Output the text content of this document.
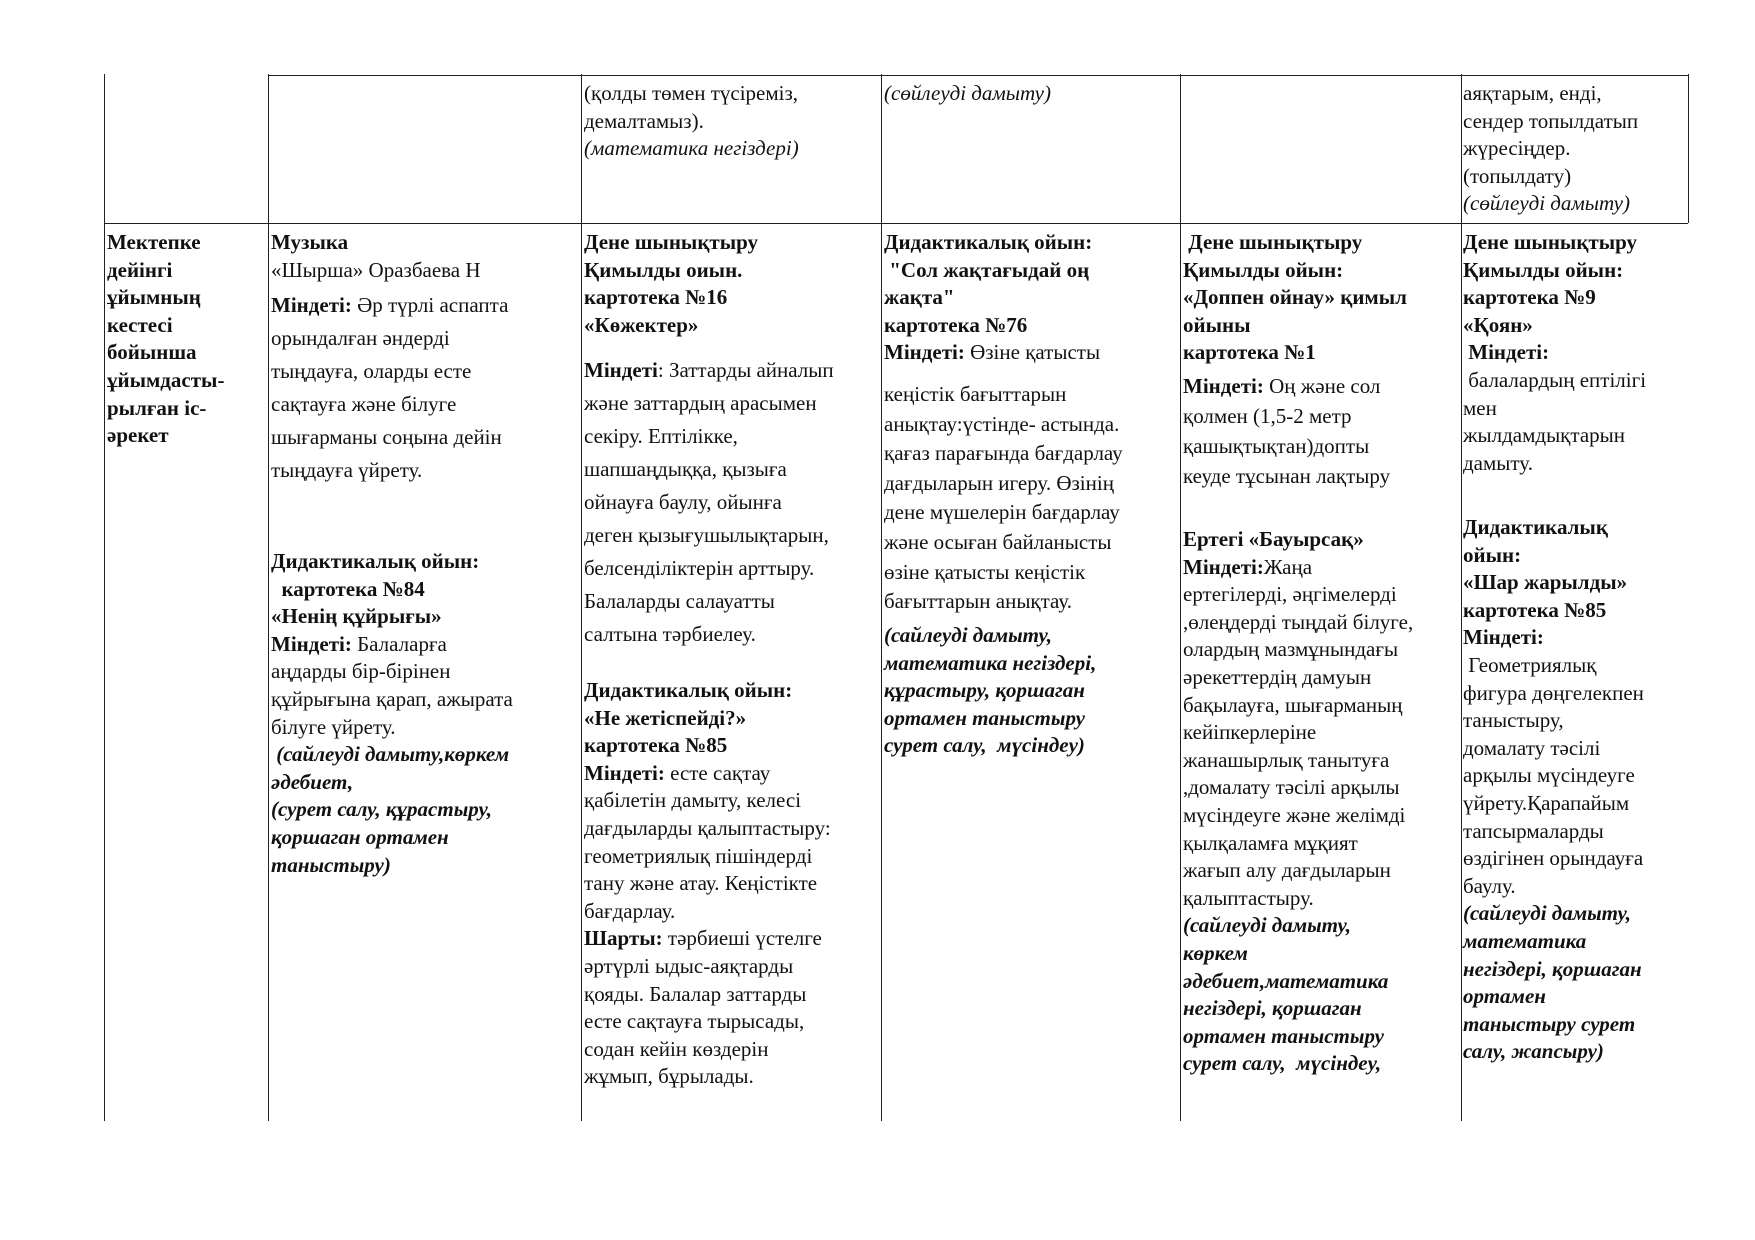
(қолды төмен түсіреміз,
демалтамыз).
(математика негіздері)
(сөйлеуді дамыту)	аяқтарым, енді,
сендер топылдатып
жүресіңдер.
(топылдату)
(сөйлеуді дамыту)
Мектепке
дейінгі
ұйымның
кестесі
бойынша
ұйымдасты-
рылған іс-
әрекет
Музыка
«Шырша» Оразбаева Н
Міндеті: Әр түрлі аспапта
орындалған әндерді
тыңдауға, оларды есте
сақтауға және білуге
шығарманы соңына дейін
тыңдауға үйрету.
Дидактикалық ойын:
картотека №84
«Ненің құйрығы»
Міндеті: Балаларға
аңдарды бір-бірінен
құйрығына қарап, ажырата
білуге үйрету.
(сайлеуді дамыту,көркем
әдебиет,
(сурет салу, құрастыру,
қоршаган ортамен
таныстыру)
Дене шынықтыру
Қимылды оиын.
картотека №16
«Көжектер»
Міндеті: Заттарды айналып
және заттардың арасымен
секіру. Ептілікке,
шапшаңдыққа, қызыға
ойнауға баулу, ойынға
деген қызығушылықтарын,
белсенділіктерін арттыру.
Балаларды салауатты
салтына тәрбиелеу.
Дидактикалық ойын:
«Не жетіспейді?»
картотека №85
Міндеті: есте сақтау
қабілетін дамыту, келесі
дағдыларды қалыптастыру:
геометриялық пішіндерді
тану және атау. Кеңістікте
бағдарлау.
Шарты: тәрбиеші үстелге
әртүрлі ыдыс-аяқтарды
қояды. Балалар заттарды
есте сақтауға тырысады,
содан кейін көздерін
жұмып, бұрылады.
Дидактикалық ойын:
"Сол жақтағыдай оң
жақта"
картотека №76
Міндеті: Өзіне қатысты
кеңістік бағыттарын
анықтау:үстінде- астында.
қағаз парағында бағдарлау
дағдыларын игеру. Өзінің
дене мүшелерін бағдарлау
және осыған байланысты
өзіне қатысты кеңістік
бағыттарын анықтау.
(сайлеуді дамыту,
математика негіздері,
құрастыру, қоршаган
ортамен таныстыру
сурет салу,  мүсіндеу)
Дене шынықтыру
Қимылды ойын:
«Доппен ойнау» қимыл
ойыны
картотека №1
Міндеті: Оң және сол
қолмен (1,5-2 метр
қашықтықтан)допты
кеуде тұсынан лақтыру
Ертегі «Бауырсақ»
Міндеті:Жаңа
ертегілерді, әңгімелерді
,өлеңдерді тыңдай білуге,
олардың мазмұнындағы
әрекеттердің дамуын
бақылауға, шығарманың
кейіпкерлеріне
жанашырлық танытуға
,домалату тәсілі арқылы
мүсіндеуге және желімді
қылқаламға мұқият
жағып алу дағдыларын
қалыптастыру.
(сайлеуді дамыту,
көркем
әдебиет,математика
негіздері, қоршаган
ортамен таныстыру
сурет салу,  мүсіндеу,
Дене шынықтыру
Қимылды ойын:
картотека №9
«Қоян»
Міндеті:
балалардың ептілігі
мен
жылдамдықтарын
дамыту.
Дидактикалық
ойын:
«Шар жарылды»
картотека №85
Міндеті:
Геометриялық
фигура дөңгелекпен
таныстыру,
домалату тәсілі
арқылы мүсіндеуге
үйрету.Қарапайым
тапсырмаларды
өздігінен орындауға
баулу.
(сайлеуді дамыту,
математика
негіздері, қоршаган
ортамен
таныстыру сурет
салу, жапсыру)
